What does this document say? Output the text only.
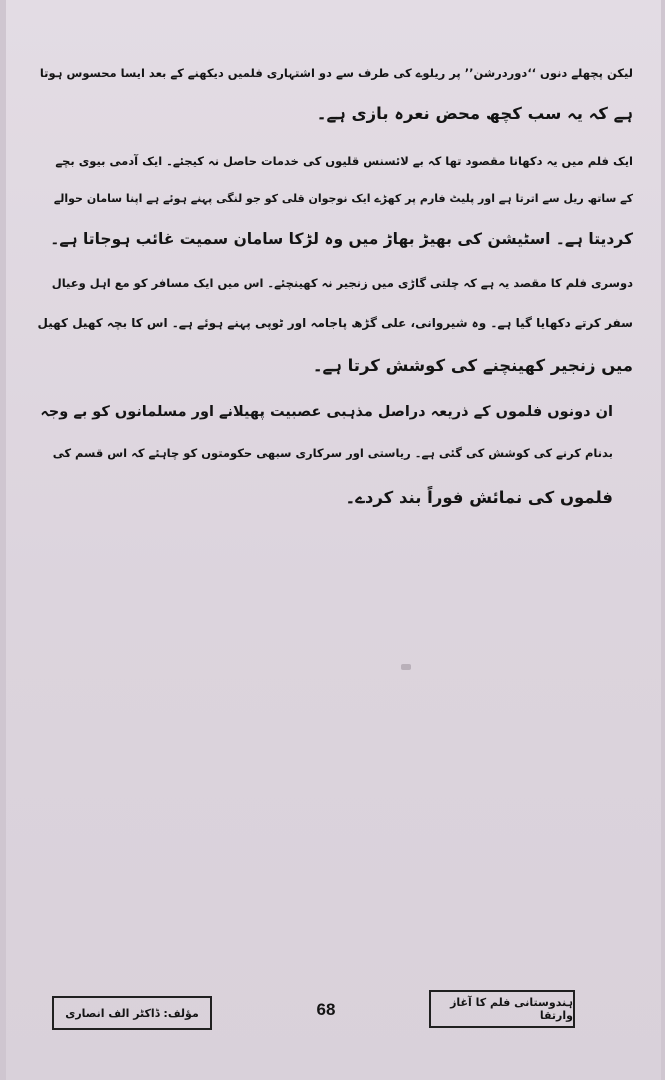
لیکن پچھلے دنوں ‘‘دوردرشن’’ پر ریلوے کی طرف سے دو اشتہاری فلمیں دیکھنے کے بعد ایسا محسوس ہوتا
ہے کہ یہ سب کچھ محض نعرہ بازی ہے۔
ایک فلم میں یہ دکھانا مقصود تھا کہ بے لائسنس قلیوں کی خدمات حاصل نہ کیجئے۔ ایک آدمی بیوی بچے
کے ساتھ ریل سے اترتا ہے اور پلیٹ فارم پر کھڑے ایک نوجوان قلی کو جو لنگی پہنے ہوئے ہے اپنا سامان حوالے
کردیتا ہے۔ اسٹیشن کی بھیڑ بھاڑ میں وہ لڑکا سامان سمیت غائب ہوجاتا ہے۔
دوسری فلم کا مقصد یہ ہے کہ چلتی گاڑی میں زنجیر نہ کھینچئے۔ اس میں ایک مسافر کو مع اہل وعیال
سفر کرتے دکھایا گیا ہے۔ وہ شیروانی، علی گڑھ پاجامہ اور ٹوپی پہنے ہوئے ہے۔ اس کا بچہ کھیل کھیل
میں زنجیر کھینچنے کی کوشش کرتا ہے۔
ان دونوں فلموں کے ذریعہ دراصل مذہبی عصبیت پھیلانے اور مسلمانوں کو بے وجہ
بدنام کرنے کی کوشش کی گئی ہے۔ ریاستی اور سرکاری سبھی حکومتوں کو چاہئے کہ اس قسم کی
فلموں کی نمائش فوراً بند کردے۔
ہندوستانی فلم کا آغاز وارتقا
68
مؤلف: ڈاکٹر الف انصاری
